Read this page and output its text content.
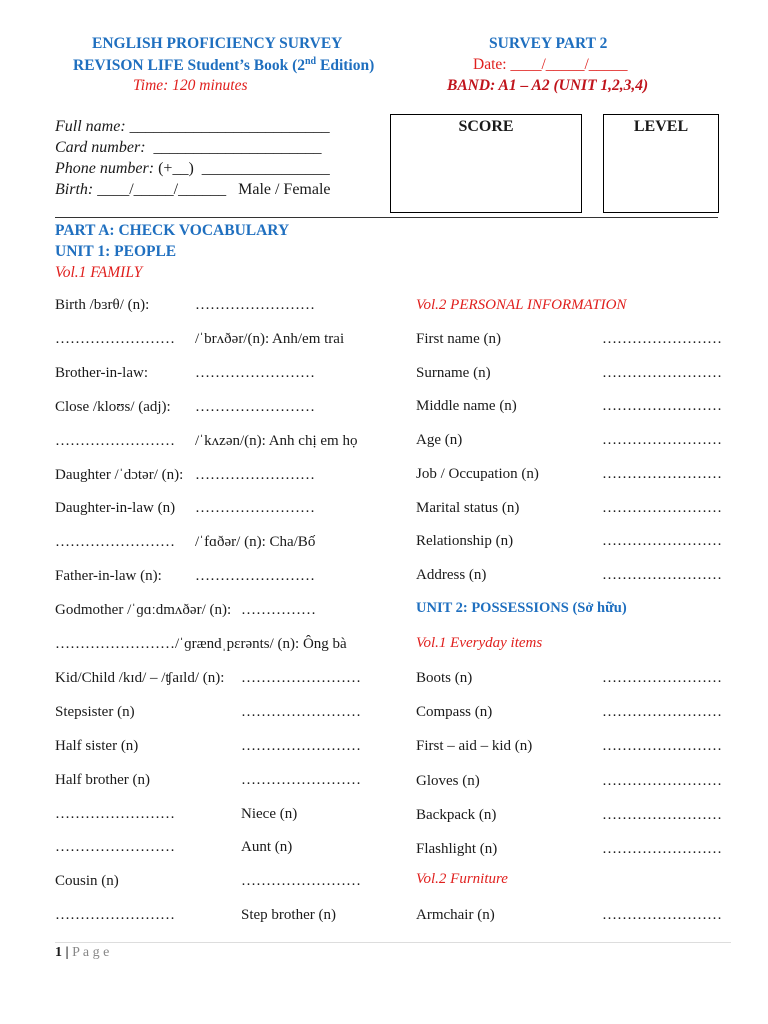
ENGLISH PROFICIENCY SURVEY
REVISON LIFE Student’s Book (2nd Edition)
Time: 120 minutes
SURVEY PART 2
Date: ____/_____/_____
BAND: A1 – A2 (UNIT 1,2,3,4)
Full name: _________________________
Card number: _____________________
Phone number: (+__) ________________
Birth: ____/_____/______ Male / Female
SCORE	LEVEL
PART A: CHECK VOCABULARY
UNIT 1: PEOPLE
Vol.1 FAMILY
Birth /bɜrθ/ (n):	……………………
…………………… /ˈbrʌðər/(n): Anh/em trai
Brother-in-law:	……………………
Close /kloʊs/ (adj): ……………………
…………………… /ˈkʌzən/(n): Anh chị em họ
Daughter /ˈdɔtər/ (n): ……………………
Daughter-in-law (n) ……………………
…………………… /ˈfɑðər/ (n): Cha/Bố
Father-in-law (n): ……………………
Godmother /ˈɡɑːdmʌðər/ (n): ……………
……………………/ˈɡrændˌpɛrənts/ (n): Ông bà
Kid/Child /kɪd/ – /ʧaɪld/ (n): ……………………
Stepsister (n)	……………………
Half sister (n)	……………………
Half brother (n)	……………………
……………………	Niece (n)
……………………	Aunt (n)
Cousin (n)	……………………
……………………	Step brother (n)
Vol.2 PERSONAL INFORMATION
First name (n)	……………………
Surname (n)	……………………
Middle name (n)	……………………
Age (n)	……………………
Job / Occupation (n)	……………………
Marital status (n)	……………………
Relationship (n)	……………………
Address (n)	……………………
UNIT 2: POSSESSIONS (Sở hữu)
Vol.1 Everyday items
Boots (n)	……………………
Compass (n)	……………………
First – aid – kid (n)	……………………
Gloves (n)	……………………
Backpack (n)	……………………
Flashlight (n)	……………………
Vol.2 Furniture
Armchair (n)	……………………
1 | P a g e
